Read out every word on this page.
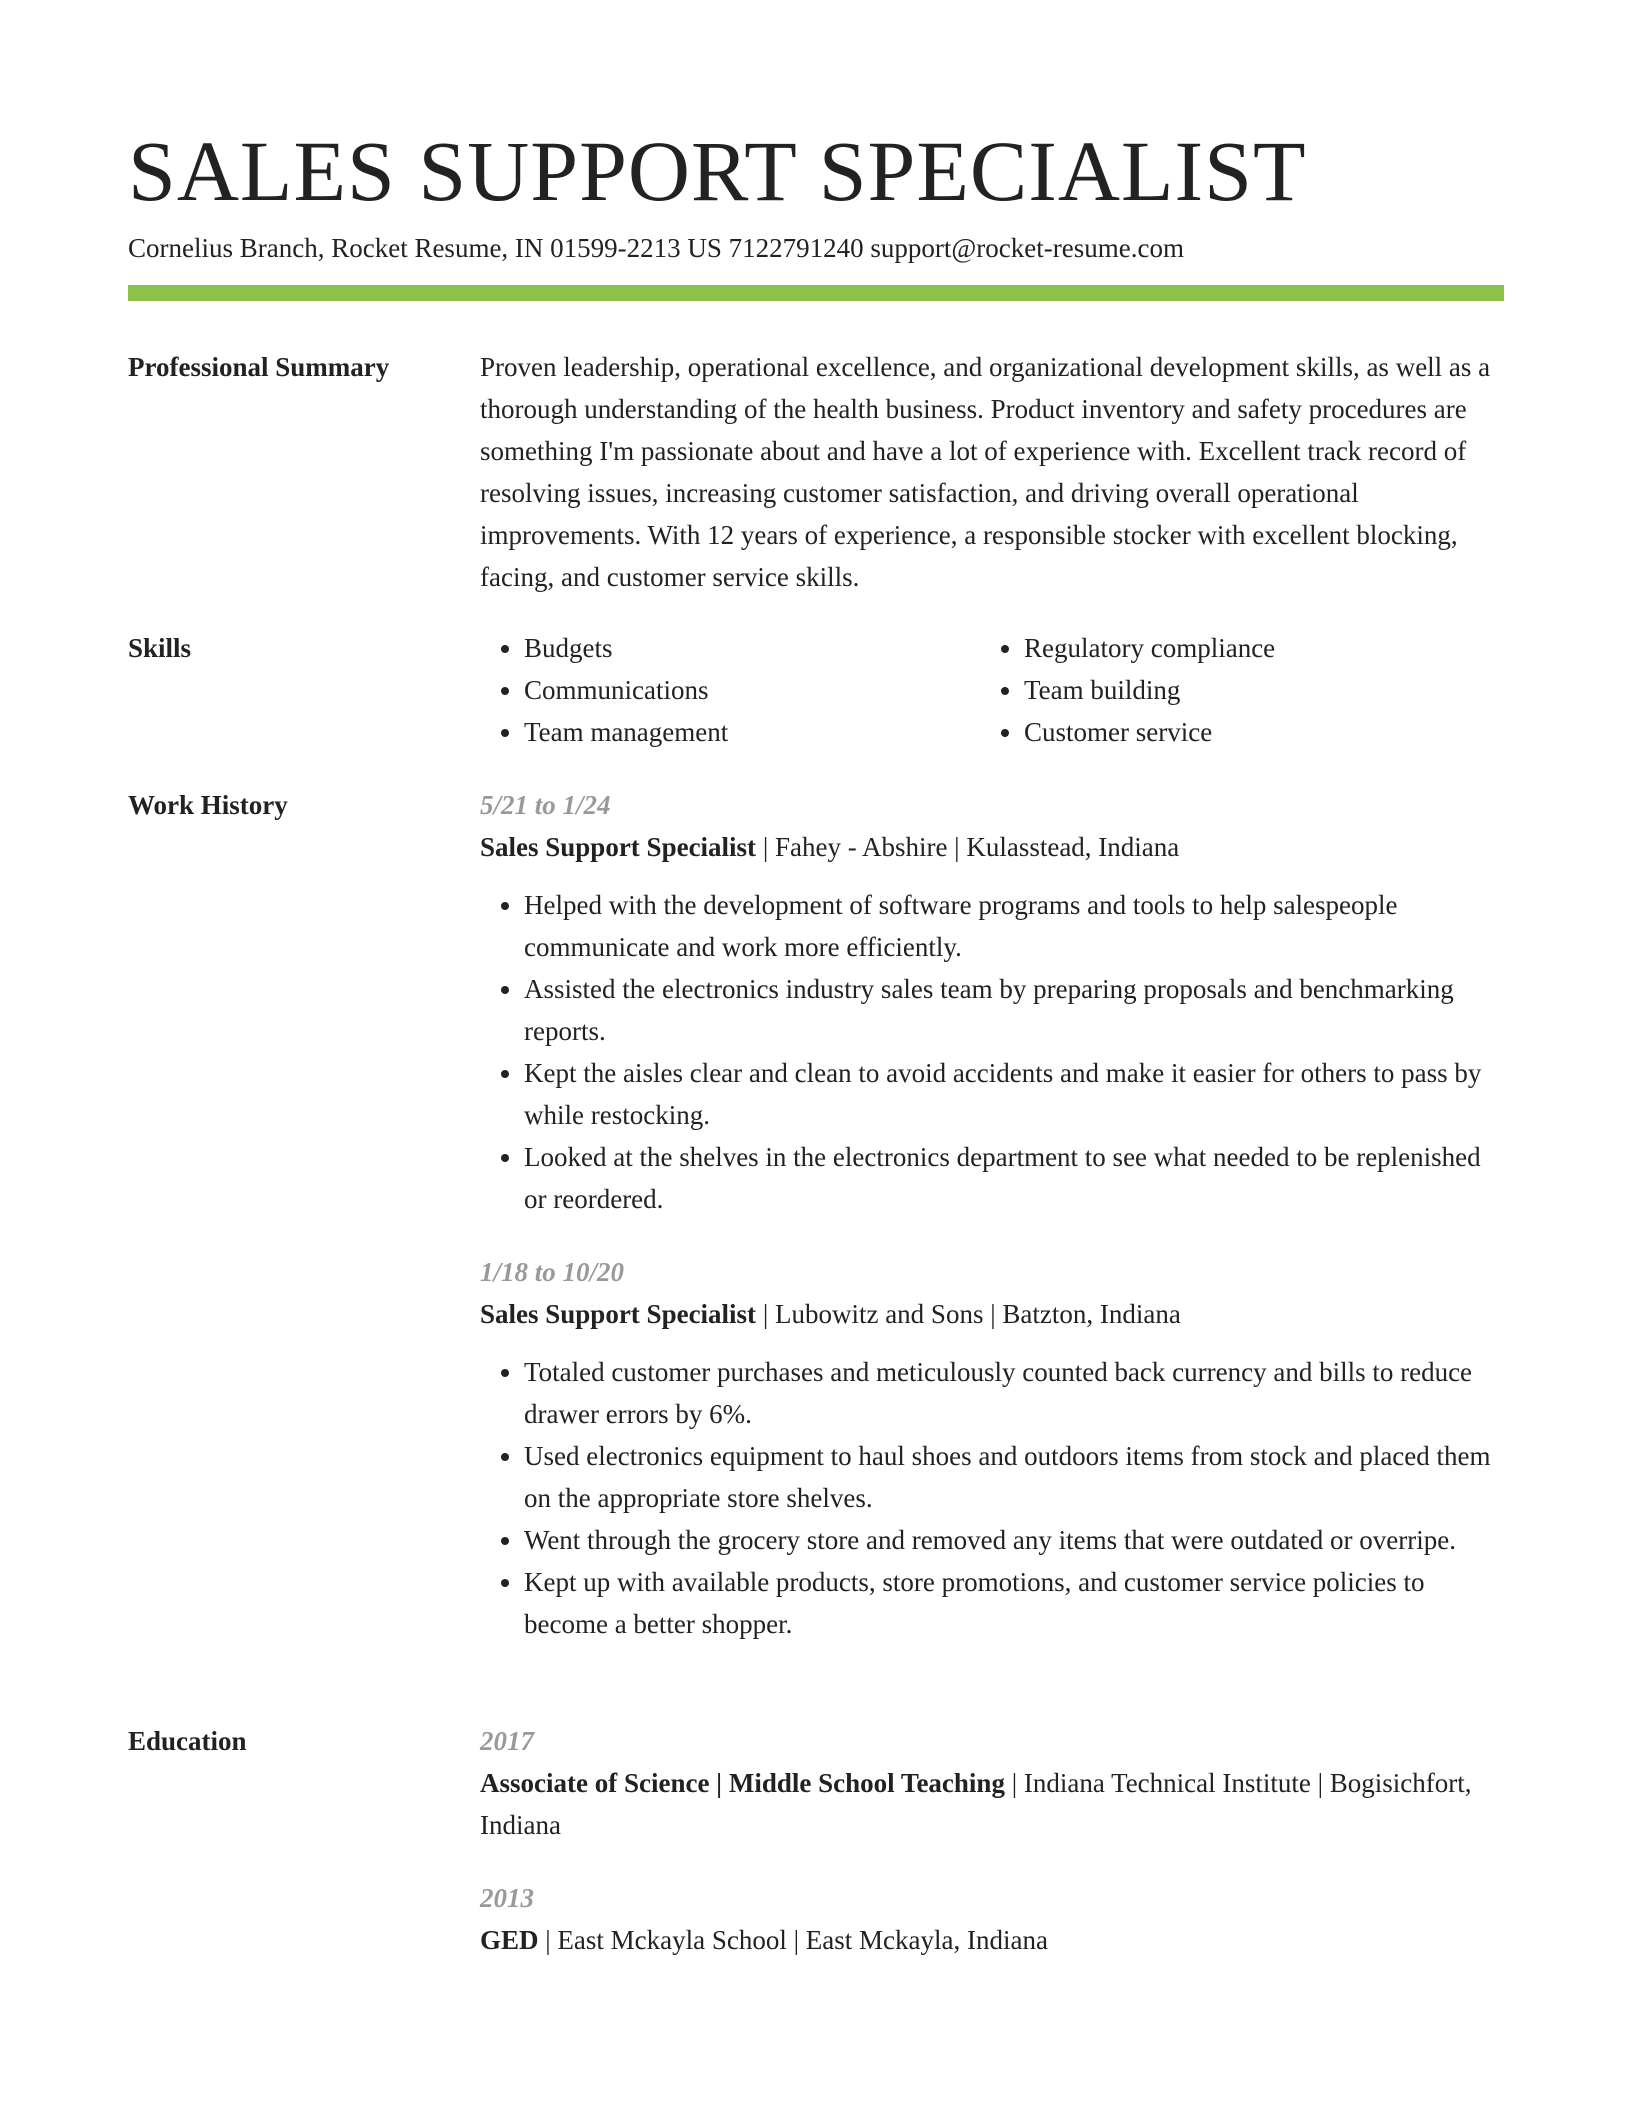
SALES SUPPORT SPECIALIST
Cornelius Branch, Rocket Resume, IN 01599-2213 US 7122791240 support@rocket-resume.com
Professional Summary	Proven leadership, operational excellence, and organizational development skills, as well as a thorough understanding of the health business. Product inventory and safety procedures are something I'm passionate about and have a lot of experience with. Excellent track record of resolving issues, increasing customer satisfaction, and driving overall operational improvements. With 12 years of experience, a responsible stocker with excellent blocking, facing, and customer service skills.

Skills
•	Budgets
• Communications
• Team management
• Regulatory compliance
• Team building
• Customer service
Work History	5/21 to 1/24
Sales Support Specialist | Fahey - Abshire | Kulasstead, Indiana
• Helped with the development of software programs and tools to help salespeople communicate and work more efficiently.
• Assisted the electronics industry sales team by preparing proposals and benchmarking reports.
• Kept the aisles clear and clean to avoid accidents and make it easier for others to pass by while restocking.
• Looked at the shelves in the electronics department to see what needed to be replenished or reordered.
1/18 to 10/20
Sales Support Specialist | Lubowitz and Sons | Batzton, Indiana
• Totaled customer purchases and meticulously counted back currency and bills to reduce drawer errors by 6%.
• Used electronics equipment to haul shoes and outdoors items from stock and placed them on the appropriate store shelves.
• Went through the grocery store and removed any items that were outdated or overripe.
• Kept up with available products, store promotions, and customer service policies to become a better shopper.
Education	2017
Associate of Science | Middle School Teaching | Indiana Technical Institute | Bogisichfort, Indiana
2013
GED | East Mckayla School | East Mckayla, Indiana
